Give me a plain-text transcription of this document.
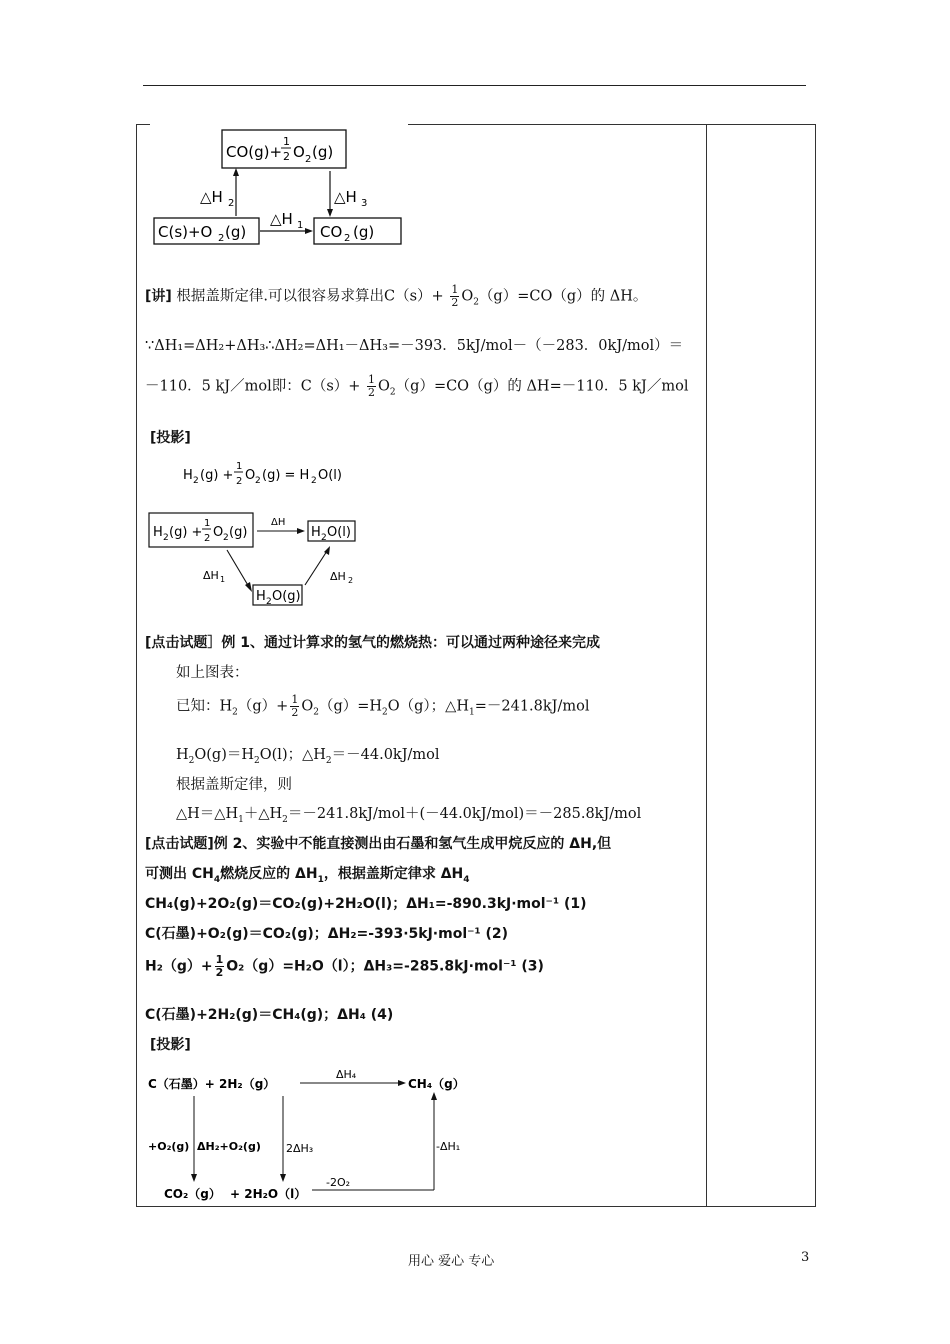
CO(g)+
1
2 O 2 (g)
C(s)+O 2 (g)	CO 2 (g)
△H 2	△H 3
△H 1
[讲] 根据盖斯定律.可以很容易求算出$C(s)+ \frac{1}{2} O_2(g)=CO(g)$的 ΔH。
∵ΔH₁=ΔH₂+ΔH₃∴ΔH₂=ΔH₁－ΔH₃=－393．5kJ/mol－（－283．0kJ/mol）＝
－110．5 kJ／mol即：$C(s)+ \frac{1}{2} O_2(g)=CO(g)$的 ΔH=－110．5 kJ／mol
[投影]
H 2 (g) +
1
2 O 2 (g) = H 2 O(l)
H 2 (g) +
1
2 O 2 (g)	H 2 O(l)
H 2 O(g)
ΔH
ΔH 1	ΔH 2
[点击试题］例 1、通过计算求的氢气的燃烧热：可以通过两种途径来完成
如上图表：
已知：$H_2(g)+ \frac{1}{2} O_2(g)=H_2O(g)$；$\triangle H_1=-241.8kJ$/mol
$H_2O(g)=H_2O(l)$；$\triangle H_2=-44.0kJ$/mol
根据盖斯定律，则
$\triangle H=\triangle H_1+\triangle H_2=-241.8kJ/mol+(-44.0kJ/mol)=-285.8kJ$/mol
[点击试题]例 2、实验中不能直接测出由石墨和氢气生成甲烷反应的 ΔH,但
可测出 $CH_4$燃烧反应的 $\Delta H_1$，根据盖斯定律求 $\Delta H_4$
CH₄(g)+2O₂(g)＝CO₂(g)+2H₂O(l)；ΔH₁=-890.3kJ·mol⁻¹ (1)
C(石墨)+O₂(g)＝CO₂(g)；ΔH₂=-393·5kJ·mol⁻¹ (2)
$H_2(g)+ \frac{1}{2} O_2(g)=H_2O(l)$；ΔH₃=-285.8kJ·mol⁻¹ (3)
C(石墨)+2H₂(g)＝CH₄(g)；ΔH₄ (4)
[投影]
C（石墨）+ 2H₂（g）
ΔH₄
CH₄（g）
+O₂(g) ΔH₂+O₂(g) 2ΔH₃	-ΔH₁
CO₂（g） + 2H₂O（l）
-2O₂
用心 爱心 专心	3
